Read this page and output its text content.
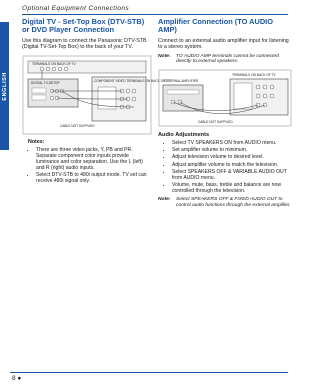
Optional Equipment Connections
ENGLISH
Digital TV - Set-Top Box (DTV-STB) or DVD Player Connection

Use this diagram to connect the Panasonic DTV-STB (Digital TV-Set-Top Box) to the back of your TV.

TERMINALS ON BACK OF TV
DIGITAL TV-SETOP	COMPONENT VIDEO TERMINALS ON BACK OF TV
CABLE NOT SUPPLIED
Notes:
• There are three video jacks, Y, PB and PR. Separate component color inputs provide luminance and color separation. Use the L (left) and R (right) audio inputs.
• Select DTV-STB to 480i output mode. TV set can receive 480i signal only.
Amplifier Connection (TO AUDIO AMP)

Connect to an external audio amplifier input for listening to a stereo system.

Note:	TO AUDIO AMP terminals cannot be connected directly to external speakers.
EXTERNAL AMPLIFIER
TERMINALS ON BACK OF TV
CABLE NOT SUPPLIED
Audio Adjustments
• Select TV SPEAKERS ON from AUDIO menu.
• Set amplifier volume to minimum.
• Adjust television volume to desired level.
• Adjust amplifier volume to match the television.
• Select SPEAKERS OFF & VARIABLE AUDIO OUT from AUDIO menu.
• Volume, mute, bass, treble and balance are now controlled through the television.
Note:	Select SPEAKERS OFF & FIXED AUDIO OUT to control audio functions through the external amplifier.
8 ●
